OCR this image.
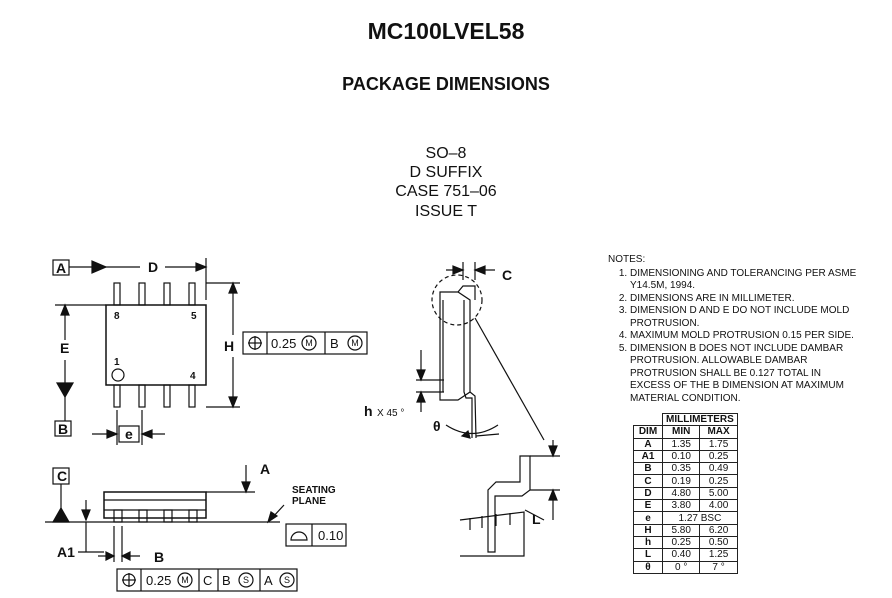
MC100LVEL58
PACKAGE DIMENSIONS
SO–8
D SUFFIX
CASE 751–06
ISSUE T
NOTES:
1. DIMENSIONING AND TOLERANCING PER ASME Y14.5M, 1994.
2. DIMENSIONS ARE IN MILLIMETER.
3. DIMENSION D AND E DO NOT INCLUDE MOLD PROTRUSION.
4. MAXIMUM MOLD PROTRUSION 0.15 PER SIDE.
5. DIMENSION B DOES NOT INCLUDE DAMBAR PROTRUSION. ALLOWABLE DAMBAR PROTRUSION SHALL BE 0.127 TOTAL IN EXCESS OF THE B DIMENSION AT MAXIMUM MATERIAL CONDITION.
	MILLIMETERS	
DIM	MIN	MAX
A	1.35	1.75
A1	0.10	0.25
B	0.35	0.49
C	0.19	0.25
D	4.80	5.00
E	3.80	4.00
e	1.27 BSC	
H	5.80	6.20
h	0.25	0.50
L	0.40	1.25
θ	0 °	7 °
A	D
E
B
H
e
C	A
A1	B
C
L
h
θ
8	5
1
4
SEATING
PLANE
X 45 °
0.25	B
0.10
0.25 C B	A
M	M
M	S	S
